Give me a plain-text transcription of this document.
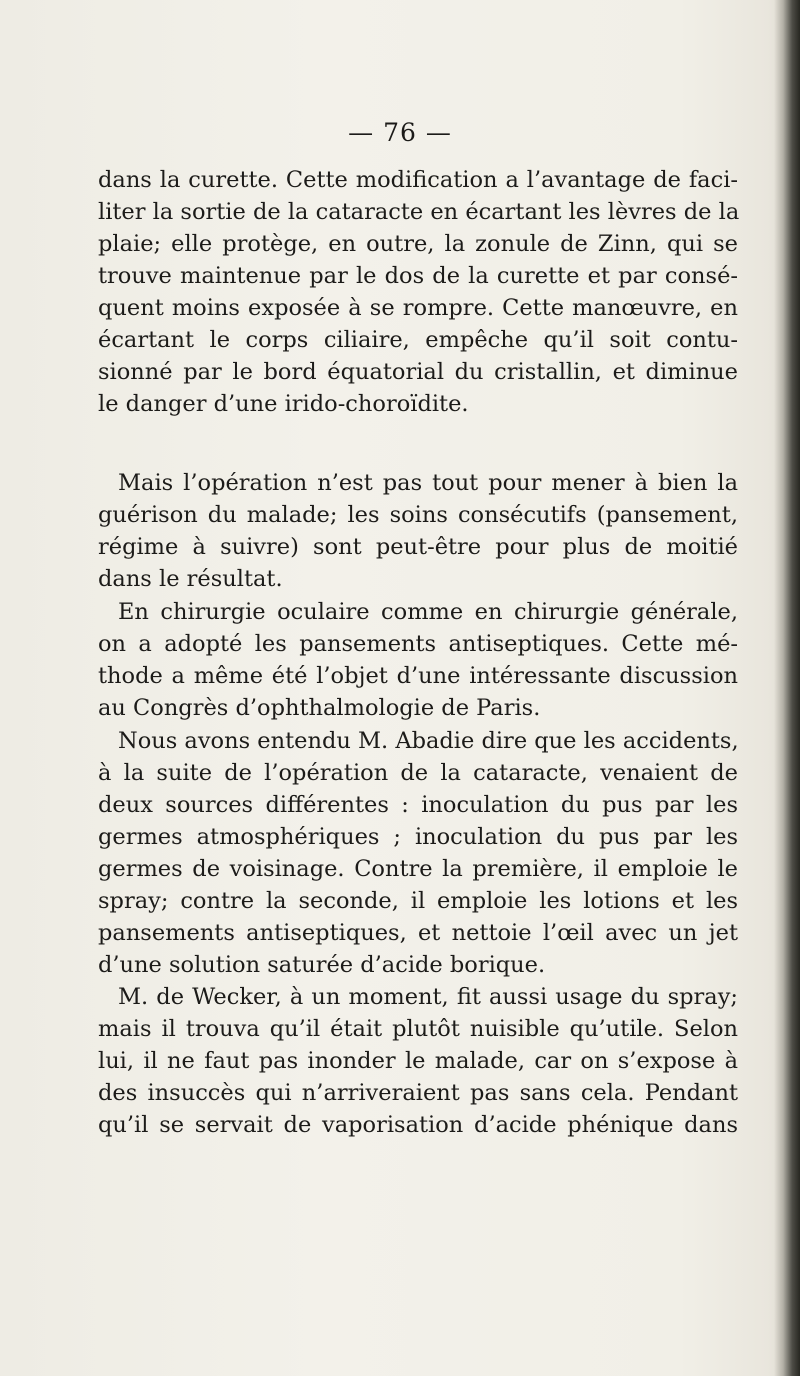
— 76 —
dans la curette. Cette modification a l’avantage de faci-
liter la sortie de la cataracte en écartant les lèvres de la
plaie; elle protège, en outre, la zonule de Zinn, qui se
trouve maintenue par le dos de la curette et par consé-
quent moins exposée à se rompre. Cette manœuvre, en
écartant le corps ciliaire, empêche qu’il soit contu-
sionné par le bord équatorial du cristallin, et diminue
le danger d’une irido-choroïdite.
Mais l’opération n’est pas tout pour mener à bien la
guérison du malade; les soins consécutifs (pansement,
régime à suivre) sont peut-être pour plus de moitié
dans le résultat.
En chirurgie oculaire comme en chirurgie générale,
on a adopté les pansements antiseptiques. Cette mé-
thode a même été l’objet d’une intéressante discussion
au Congrès d’ophthalmologie de Paris.
Nous avons entendu M. Abadie dire que les accidents,
à la suite de l’opération de la cataracte, venaient de
deux sources différentes : inoculation du pus par les
germes atmosphériques ; inoculation du pus par les
germes de voisinage. Contre la première, il emploie le
spray; contre la seconde, il emploie les lotions et les
pansements antiseptiques, et nettoie l’œil avec un jet
d’une solution saturée d’acide borique.
M. de Wecker, à un moment, fit aussi usage du spray;
mais il trouva qu’il était plutôt nuisible qu’utile. Selon
lui, il ne faut pas inonder le malade, car on s’expose à
des insuccès qui n’arriveraient pas sans cela. Pendant
qu’il se servait de vaporisation d’acide phénique dans
